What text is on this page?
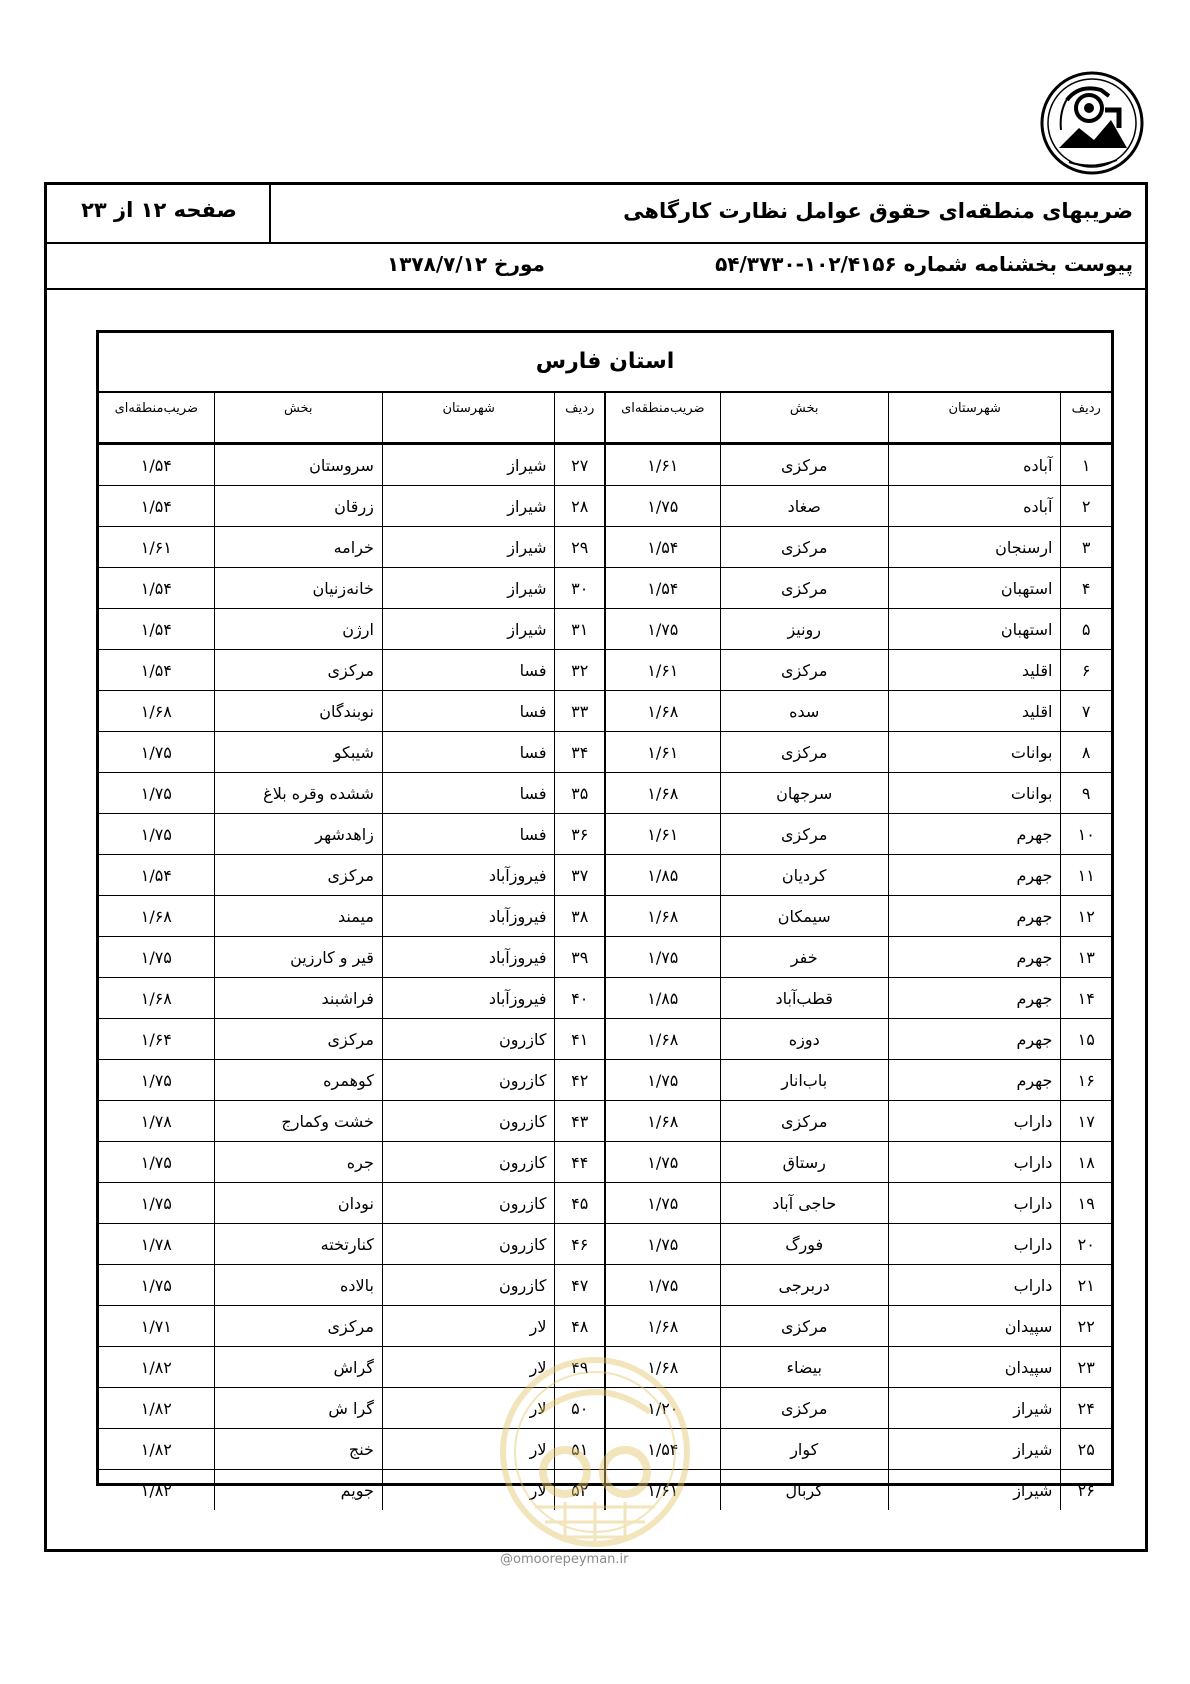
ضریبهای منطقه‌ای حقوق عوامل نظارت کارگاهی
صفحه ۱۲ از ۲۳
پیوست بخشنامه شماره ۱۰۲/۴۱۵۶-۵۴/۳۷۳۰
مورخ ۱۳۷۸/۷/۱۲
استان فارس
ردیف	شهرستان	بخش	ضریب‌منطقه‌ای	ردیف	شهرستان	بخش	ضریب‌منطقه‌ای
۱	آباده	مرکزی	۱/۶۱	۲۷	شیراز	سروستان	۱/۵۴
۲	آباده	صغاد	۱/۷۵	۲۸	شیراز	زرقان	۱/۵۴
۳	ارسنجان	مرکزی	۱/۵۴	۲۹	شیراز	خرامه	۱/۶۱
۴	استهبان	مرکزی	۱/۵۴	۳۰	شیراز	خانه‌زنیان	۱/۵۴
۵	استهبان	رونیز	۱/۷۵	۳۱	شیراز	ارژن	۱/۵۴
۶	اقلید	مرکزی	۱/۶۱	۳۲	فسا	مرکزی	۱/۵۴
۷	اقلید	سده	۱/۶۸	۳۳	فسا	نوبندگان	۱/۶۸
۸	بوانات	مرکزی	۱/۶۱	۳۴	فسا	شیبکو	۱/۷۵
۹	بوانات	سرجهان	۱/۶۸	۳۵	فسا	ششده وقره بلاغ	۱/۷۵
۱۰	جهرم	مرکزی	۱/۶۱	۳۶	فسا	زاهدشهر	۱/۷۵
۱۱	جهرم	کردیان	۱/۸۵	۳۷	فیروزآباد	مرکزی	۱/۵۴
۱۲	جهرم	سیمکان	۱/۶۸	۳۸	فیروزآباد	میمند	۱/۶۸
۱۳	جهرم	خفر	۱/۷۵	۳۹	فیروزآباد	قیر و کارزین	۱/۷۵
۱۴	جهرم	قطب‌آباد	۱/۸۵	۴۰	فیروزآباد	فراشبند	۱/۶۸
۱۵	جهرم	دوزه	۱/۶۸	۴۱	کازرون	مرکزی	۱/۶۴
۱۶	جهرم	باب‌انار	۱/۷۵	۴۲	کازرون	کوهمره	۱/۷۵
۱۷	داراب	مرکزی	۱/۶۸	۴۳	کازرون	خشت وکمارج	۱/۷۸
۱۸	داراب	رستاق	۱/۷۵	۴۴	کازرون	جره	۱/۷۵
۱۹	داراب	حاجی آباد	۱/۷۵	۴۵	کازرون	نودان	۱/۷۵
۲۰	داراب	فورگ	۱/۷۵	۴۶	کازرون	کنارتخته	۱/۷۸
۲۱	داراب	دربرجی	۱/۷۵	۴۷	کازرون	بالاده	۱/۷۵
۲۲	سپیدان	مرکزی	۱/۶۸	۴۸	لار	مرکزی	۱/۷۱
۲۳	سپیدان	بیضاء	۱/۶۸	۴۹	لار	گراش	۱/۸۲
۲۴	شیراز	مرکزی	۱/۲۰	۵۰	لار	گرا ش	۱/۸۲
۲۵	شیراز	کوار	۱/۵۴	۵۱	لار	خنج	۱/۸۲
۲۶	شیراز	کربال	۱/۶۱	۵۲	لار	جویم	۱/۸۲
@omoorepeyman.ir
